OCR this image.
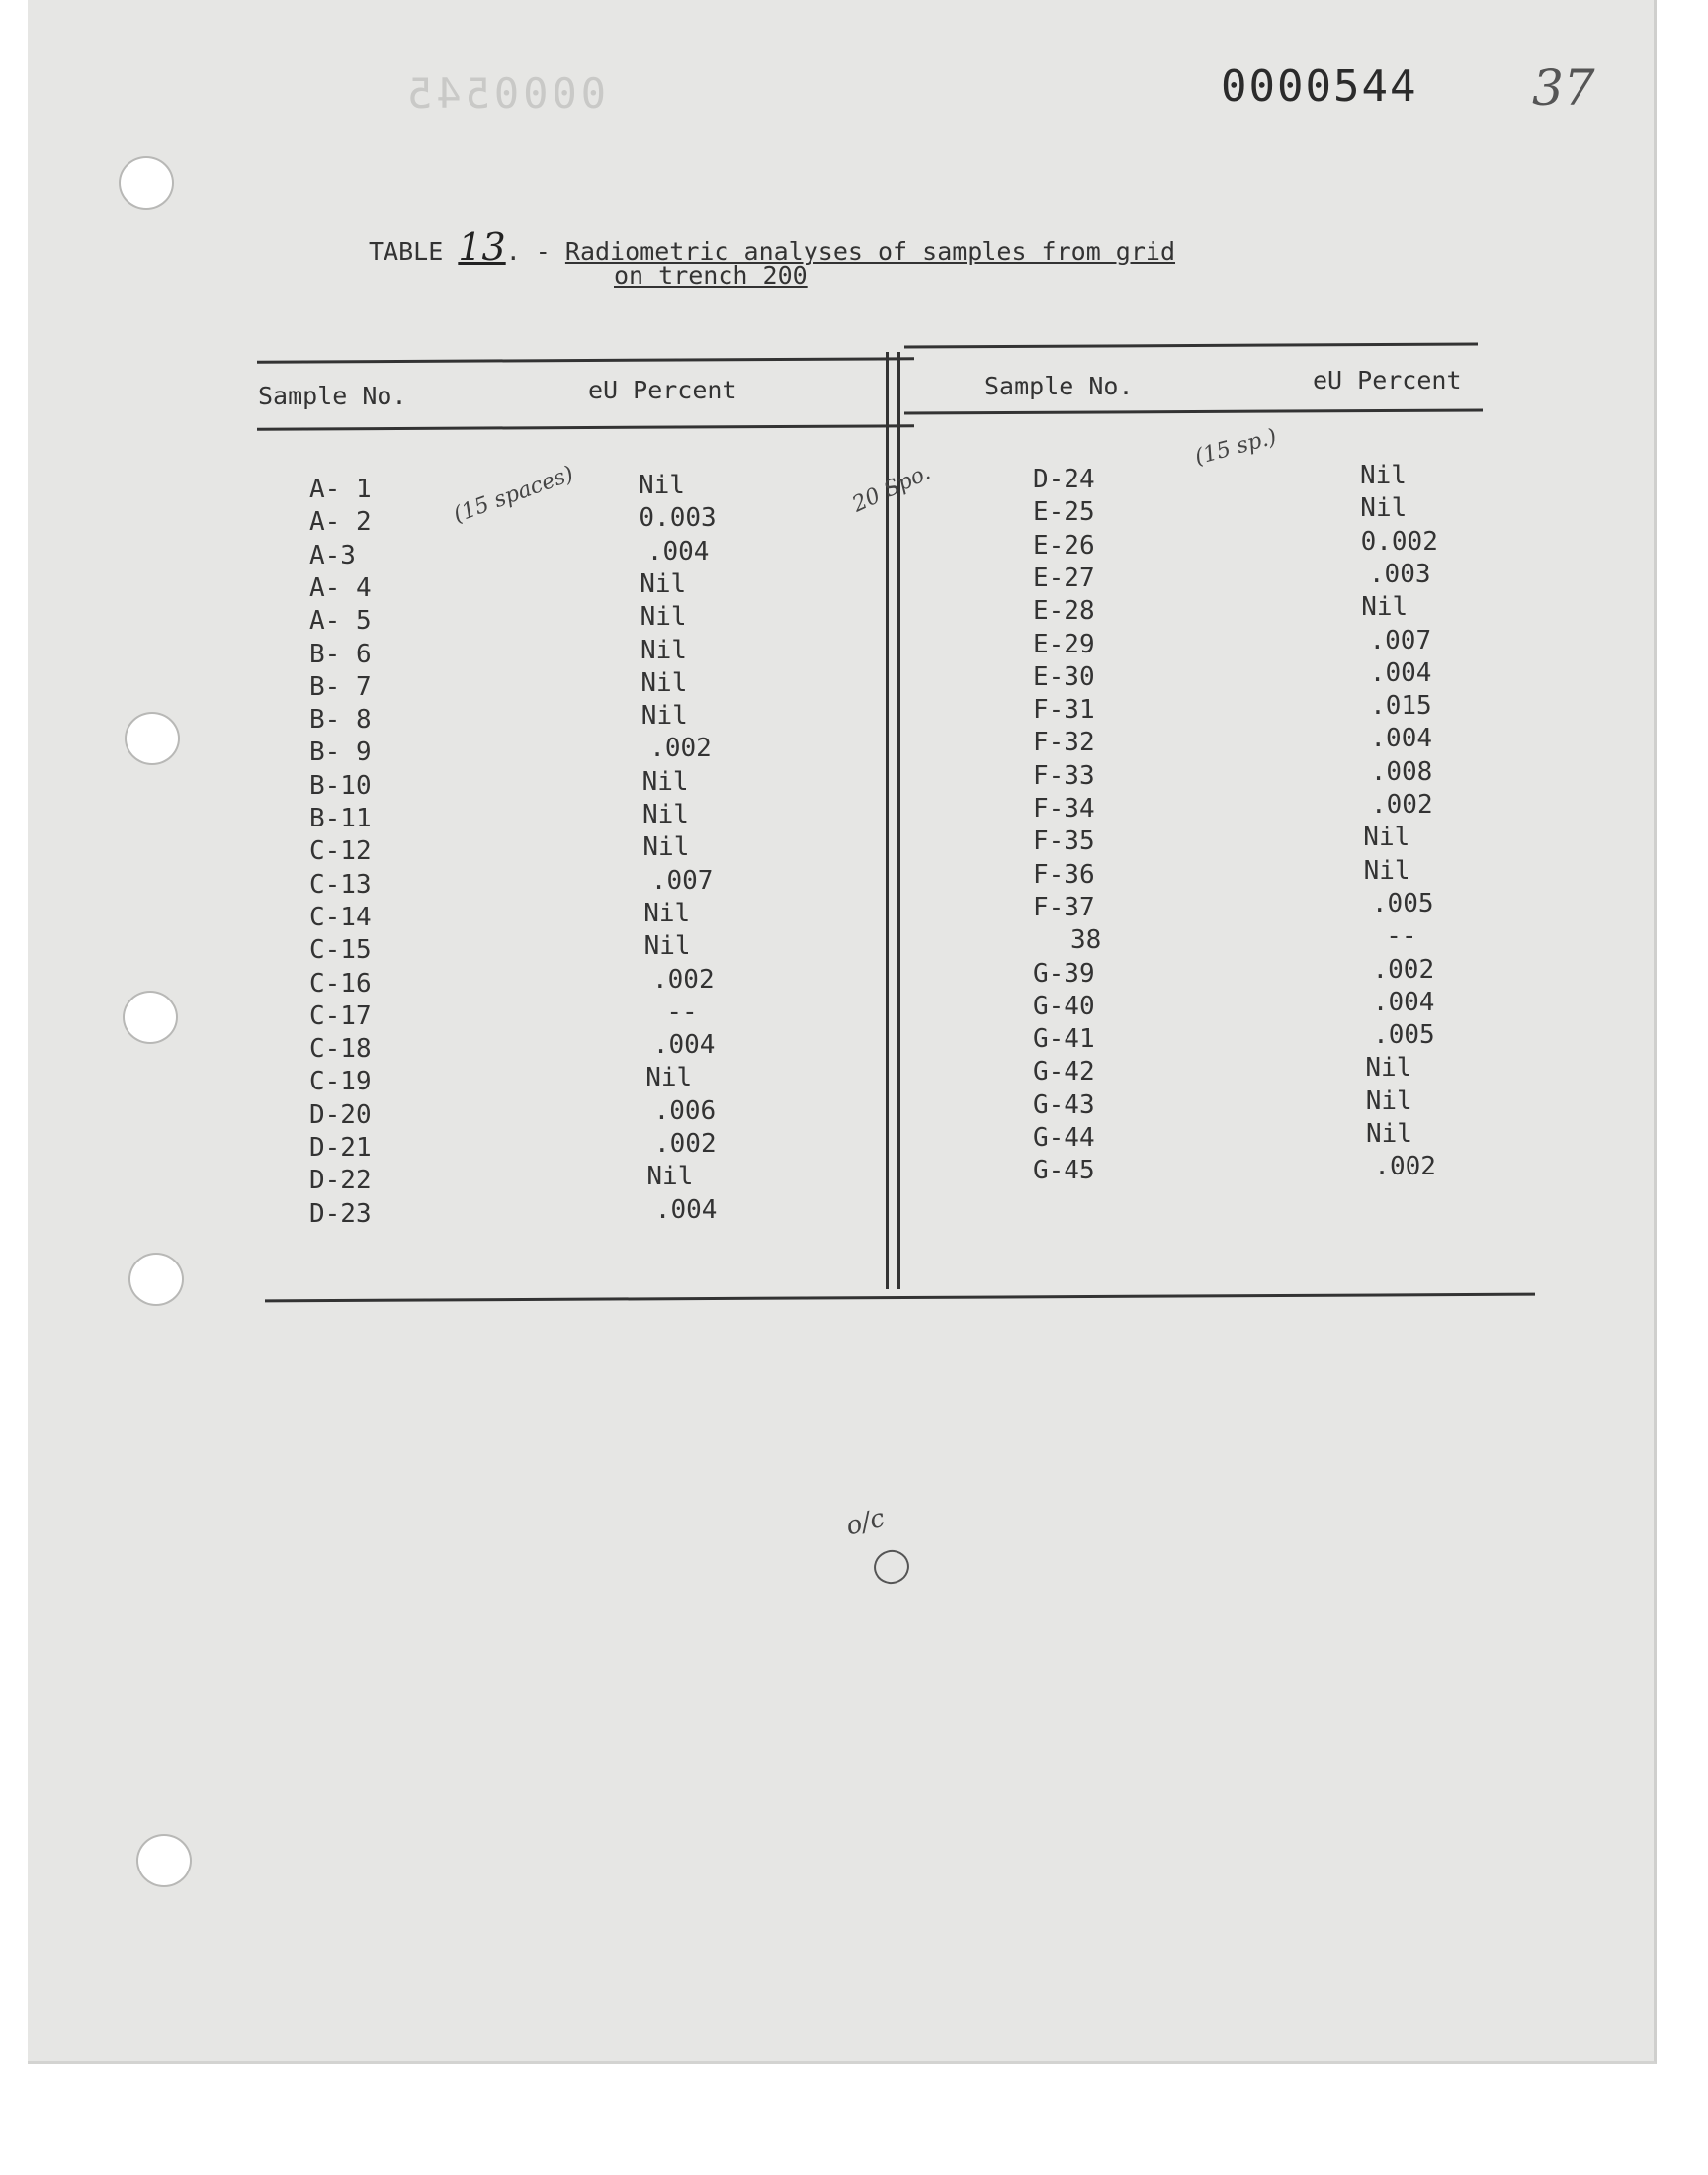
0000545	0000544 37
TABLE 13. - Radiometric analyses of samples from grid
on trench 200
Sample No.	eU Percent	Sample No.	eU Percent
A- 1	Nil
A- 2	0.003
A-3	.004
A- 4	Nil
A- 5	Nil
B- 6	Nil
B- 7	Nil
B- 8	Nil
B- 9	.002
B-10	Nil
B-11	Nil
C-12	Nil
C-13	.007
C-14	Nil
C-15	Nil
C-16	.002
C-17	--
C-18	.004
C-19	Nil
D-20	.006
D-21	.002
D-22	Nil
D-23	.004
D-24	Nil
E-25	Nil
E-26	0.002
E-27	.003
E-28	Nil
E-29	.007
E-30	.004
F-31	.015
F-32	.004
F-33	.008
F-34	.002
F-35	Nil
F-36	Nil
F-37	.005
38	--
G-39	.002
G-40	.004
G-41	.005
G-42	Nil
G-43	Nil
G-44	Nil
G-45	.002
(15 spaces)	20 Spo.
(15 sp.)
o/c
